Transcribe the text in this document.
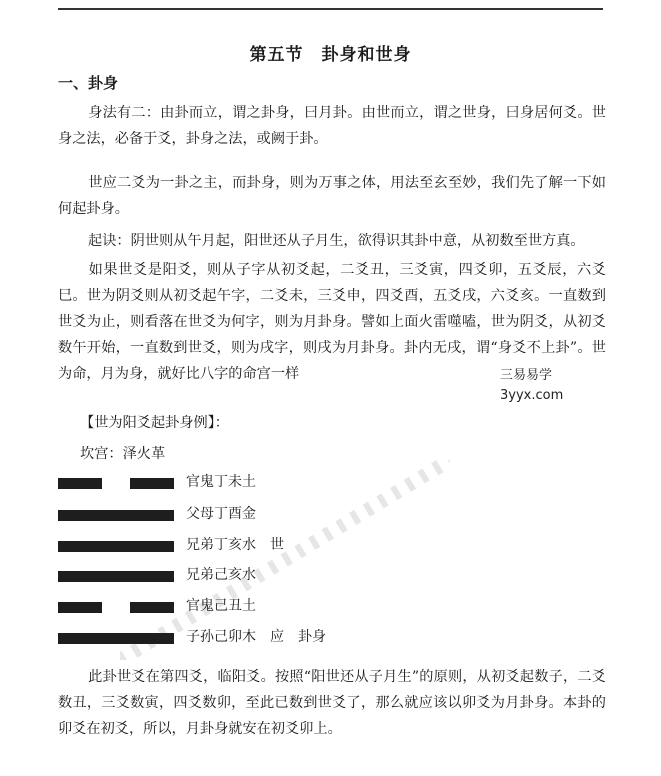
第五节　卦身和世身
一、卦身
身法有二：由卦而立，谓之卦身，曰月卦。由世而立，谓之世身，曰身居何爻。世身之法，必备于爻，卦身之法，或阙于卦。
世应二爻为一卦之主，而卦身，则为万事之体，用法至玄至妙，我们先了解一下如何起卦身。
起诀：阴世则从午月起，阳世还从子月生，欲得识其卦中意，从初数至世方真。
如果世爻是阳爻，则从子字从初爻起，二爻丑，三爻寅，四爻卯，五爻辰，六爻巳。世为阴爻则从初爻起午字，二爻未，三爻申，四爻酉，五爻戌，六爻亥。一直数到世爻为止，则看落在世爻为何字，则为月卦身。譬如上面火雷噬嗑，世为阴爻，从初爻数午开始，一直数到世爻，则为戌字，则戌为月卦身。卦内无戌，谓“身爻不上卦”。世为命，月为身，就好比八字的命宫一样	三易易学
3yyx.com
【世为阳爻起卦身例】：
坎宫：泽火革
官鬼丁未土
父母丁酉金
兄弟丁亥水　世
兄弟己亥水
官鬼己丑土
子孙己卯木　应　卦身
此卦世爻在第四爻，临阳爻。按照“阳世还从子月生”的原则，从初爻起数子，二爻数丑，三爻数寅，四爻数卯，至此已数到世爻了，那么就应该以卯爻为月卦身。本卦的卯爻在初爻，所以，月卦身就安在初爻卯上。
